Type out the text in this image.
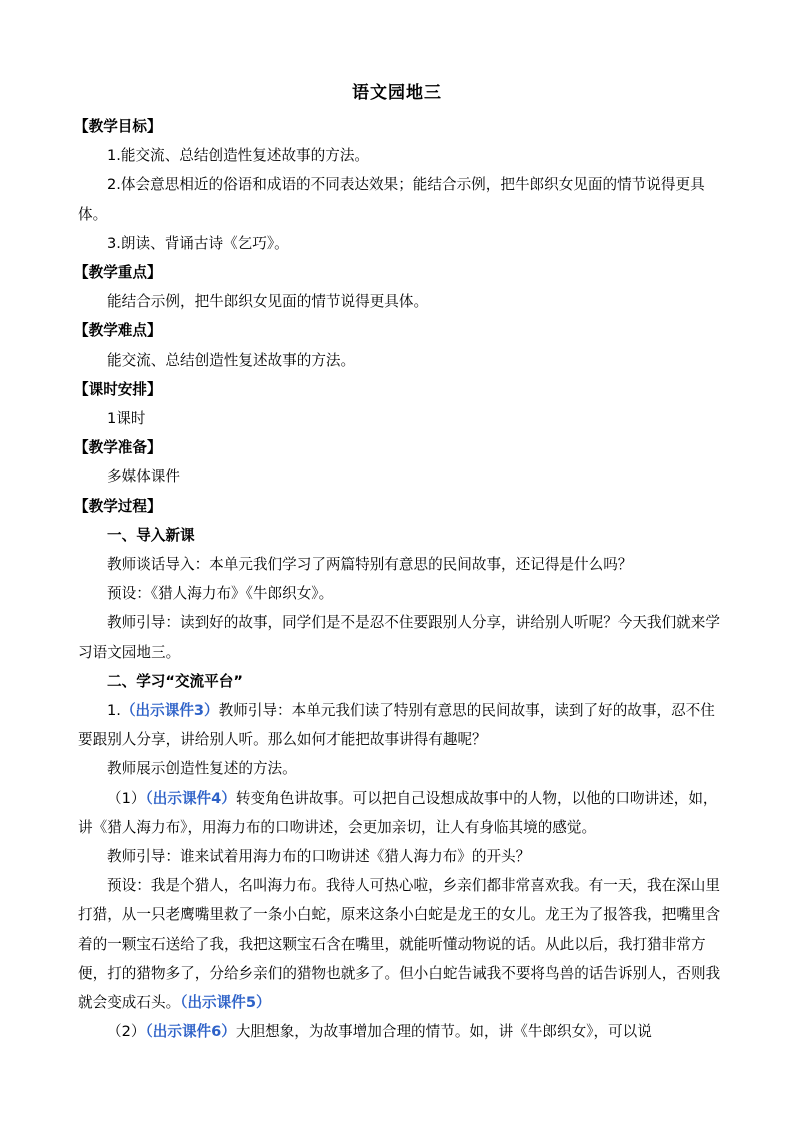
语文园地三

【教学目标】

1.能交流、总结创造性复述故事的方法。

2.体会意思相近的俗语和成语的不同表达效果；能结合示例，把牛郎织女见面的情节说得更具体。

3.朗读、背诵古诗《乞巧》。

【教学重点】

能结合示例，把牛郎织女见面的情节说得更具体。

【教学难点】

能交流、总结创造性复述故事的方法。

【课时安排】

1课时

【教学准备】

多媒体课件

【教学过程】

一、导入新课

教师谈话导入：本单元我们学习了两篇特别有意思的民间故事，还记得是什么吗？

预设：《猎人海力布》《牛郎织女》。

教师引导：读到好的故事，同学们是不是忍不住要跟别人分享，讲给别人听呢？今天我们就来学习语文园地三。

二、学习“交流平台”

1.（出示课件3）教师引导：本单元我们读了特别有意思的民间故事，读到了好的故事，忍不住要跟别人分享，讲给别人听。那么如何才能把故事讲得有趣呢？

教师展示创造性复述的方法。

（1）（出示课件4）转变角色讲故事。可以把自己设想成故事中的人物，以他的口吻讲述，如，讲《猎人海力布》，用海力布的口吻讲述，会更加亲切，让人有身临其境的感觉。

教师引导：谁来试着用海力布的口吻讲述《猎人海力布》的开头？

预设：我是个猎人，名叫海力布。我待人可热心啦，乡亲们都非常喜欢我。有一天，我在深山里打猎，从一只老鹰嘴里救了一条小白蛇，原来这条小白蛇是龙王的女儿。龙王为了报答我，把嘴里含着的一颗宝石送给了我，我把这颗宝石含在嘴里，就能听懂动物说的话。从此以后，我打猎非常方便，打的猎物多了，分给乡亲们的猎物也就多了。但小白蛇告诫我不要将鸟兽的话告诉别人，否则我就会变成石头。（出示课件5）

（2）（出示课件6）大胆想象，为故事增加合理的情节。如，讲《牛郎织女》，可以说
